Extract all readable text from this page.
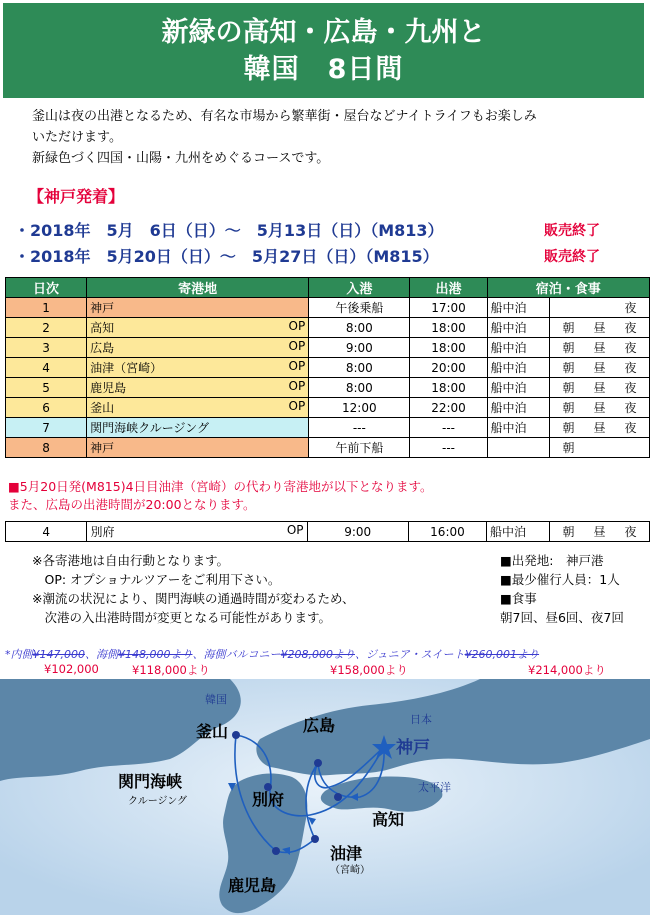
新緑の高知・広島・九州と
韓国　8日間
釜山は夜の出港となるため、有名な市場から繁華街・屋台などナイトライフもお楽しみ
いただけます。
新緑色づく四国・山陽・九州をめぐるコースです。
【神戸発着】
・2018年　5月　6日（日）～　5月13日（日）（M813）	販売終了
・2018年　5月20日（日）～　5月27日（日）（M815）	販売終了
日次	寄港地	入港	出港	宿泊・食事	
1	神戸	午後乗船	17:00	船中泊	夜
2	高知 OP	8:00	18:00	船中泊	朝 昼 夜
3	広島 OP	9:00	18:00	船中泊	朝 昼 夜
4	油津（宮崎） OP	8:00	20:00	船中泊	朝 昼 夜
5	鹿児島 OP	8:00	18:00	船中泊	朝 昼 夜
6	釜山 OP	12:00	22:00	船中泊	朝 昼 夜
7	関門海峡クルージング	---	---	船中泊	朝 昼 夜
8	神戸	午前下船	---		朝
■5月20日発(M815)4日目油津（宮崎）の代わり寄港地が以下となります。
また、広島の出港時間が20:00となります。
4	別府	OP	9:00	16:00	船中泊	朝 昼 夜
※各寄港地は自由行動となります。
　OP: オプショナルツアーをご利用下さい。
※潮流の状況により、関門海峡の通過時間が変わるため、
　次港の入出港時間が変更となる可能性があります。
■出発地:　神戸港
■最少催行人員：1人
■食事
朝7回、昼6回、夜7回
*内側¥147,000、海側¥148,000より、海側バルコニー¥208,000より、ジュニア・スイート¥260,001より
¥102,000	¥118,000より	¥158,000より	¥214,000より
韓国
日本
太平洋
釜山	広島
神戸
関門海峡
クルージング	別府
高知
油津
（宮崎）
鹿児島
